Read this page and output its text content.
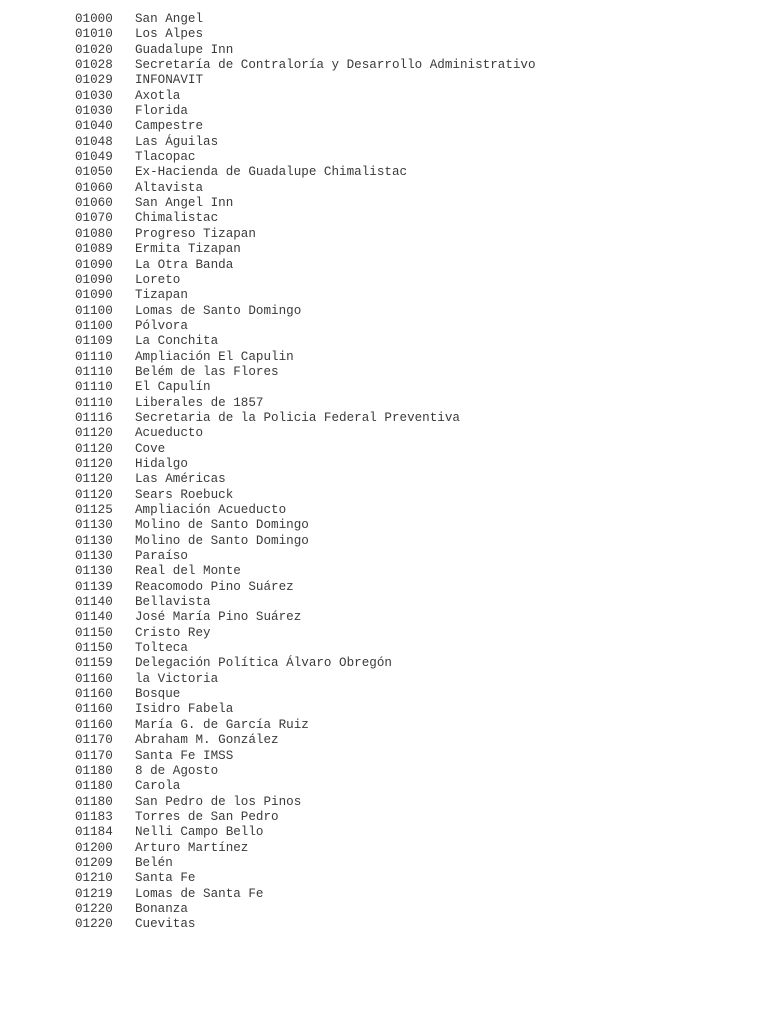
01000	San Angel
01010	Los Alpes
01020	Guadalupe Inn
01028	Secretaría de Contraloría y Desarrollo Administrativo
01029	INFONAVIT
01030	Axotla
01030	Florida
01040	Campestre
01048	Las Águilas
01049	Tlacopac
01050	Ex-Hacienda de Guadalupe Chimalistac
01060	Altavista
01060	San Angel Inn
01070	Chimalistac
01080	Progreso Tizapan
01089	Ermita Tizapan
01090	La Otra Banda
01090	Loreto
01090	Tizapan
01100	Lomas de Santo Domingo
01100	Pólvora
01109	La Conchita
01110	Ampliación El Capulin
01110	Belém de las Flores
01110	El Capulín
01110	Liberales de 1857
01116	Secretaria de la Policia Federal Preventiva
01120	Acueducto
01120	Cove
01120	Hidalgo
01120	Las Américas
01120	Sears Roebuck
01125	Ampliación Acueducto
01130	Molino de Santo Domingo
01130	Molino de Santo Domingo
01130	Paraíso
01130	Real del Monte
01139	Reacomodo Pino Suárez
01140	Bellavista
01140	José María Pino Suárez
01150	Cristo Rey
01150	Tolteca
01159	Delegación Política Álvaro Obregón
01160	la Victoria
01160	Bosque
01160	Isidro Fabela
01160	María G. de García Ruiz
01170	Abraham M. González
01170	Santa Fe IMSS
01180	8 de Agosto
01180	Carola
01180	San Pedro de los Pinos
01183	Torres de San Pedro
01184	Nelli Campo Bello
01200	Arturo Martínez
01209	Belén
01210	Santa Fe
01219	Lomas de Santa Fe
01220	Bonanza
01220	Cuevitas
